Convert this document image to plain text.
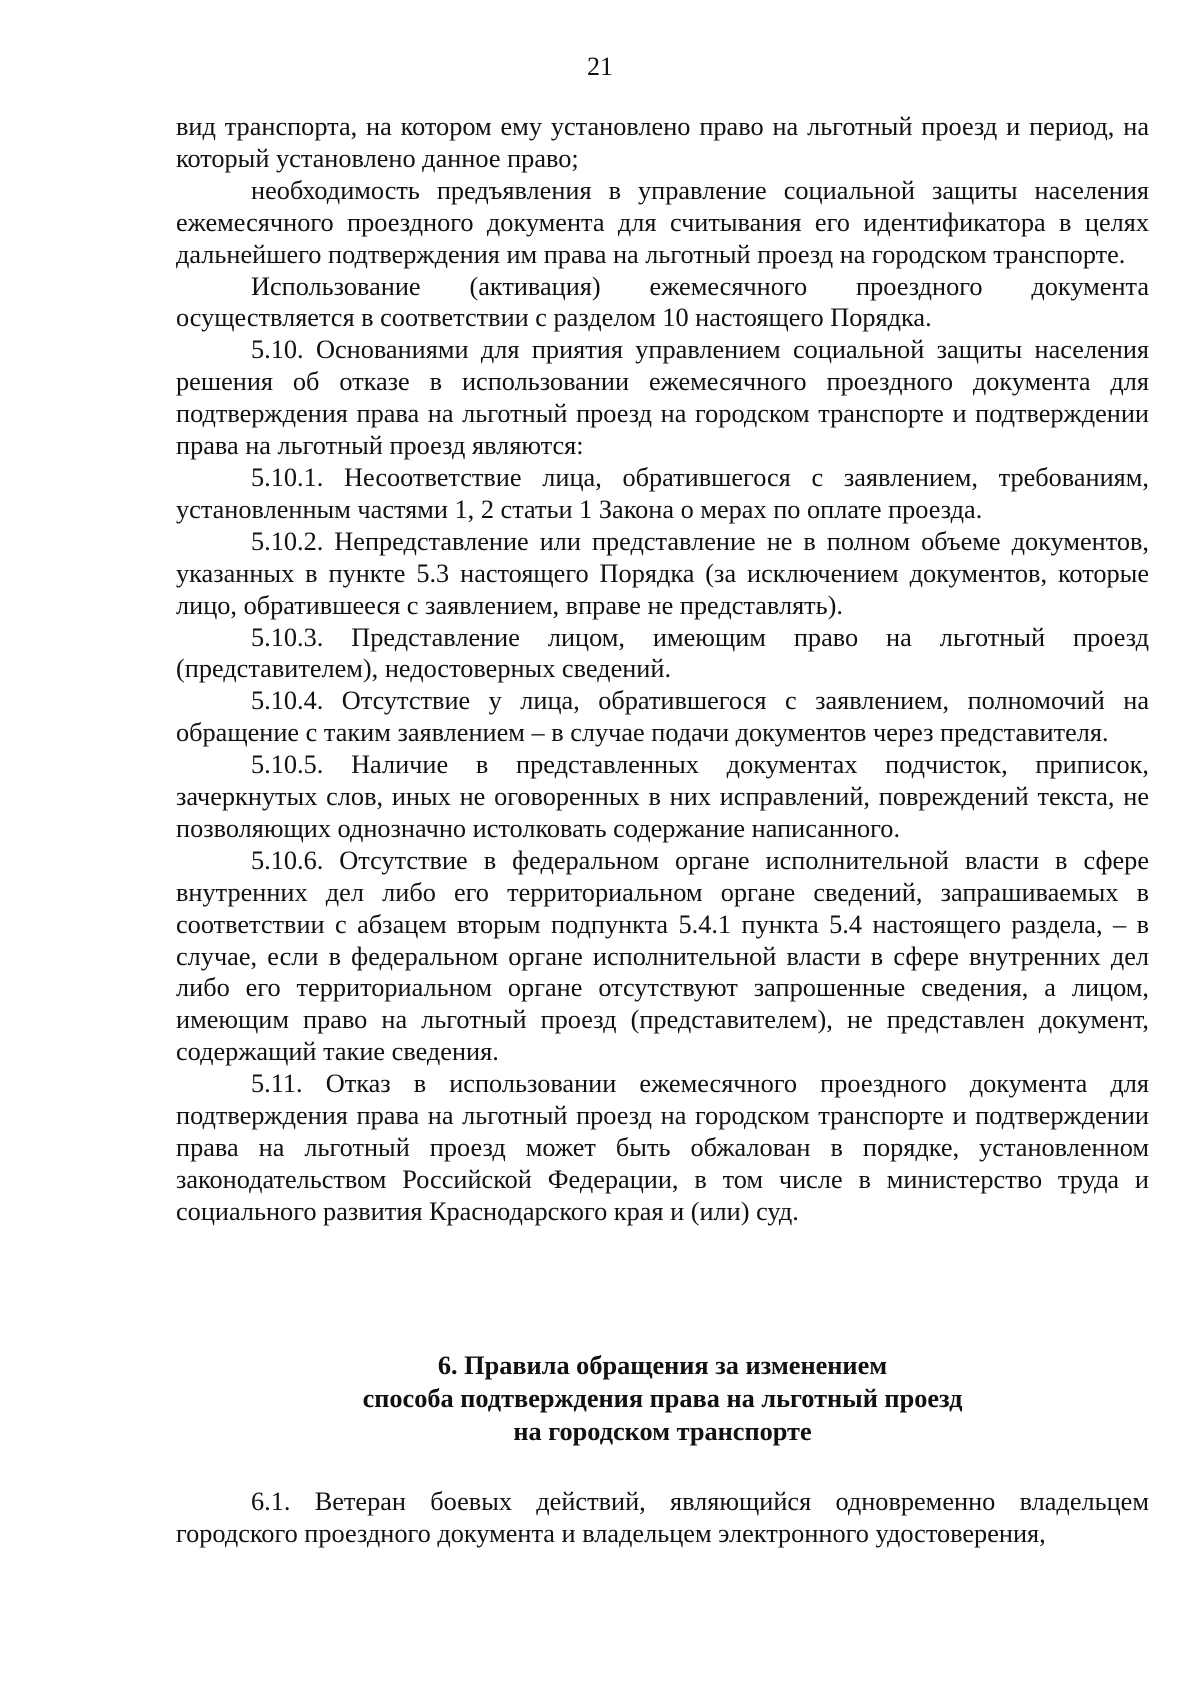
21

вид транспорта, на котором ему установлено право на льготный проезд и период, на который установлено данное право;

необходимость предъявления в управление социальной защиты населения ежемесячного проездного документа для считывания его идентификатора в целях дальнейшего подтверждения им права на льготный проезд на городском транспорте.

Использование (активация) ежемесячного проездного документа осуществляется в соответствии с разделом 10 настоящего Порядка.

5.10. Основаниями для приятия управлением социальной защиты населения решения об отказе в использовании ежемесячного проездного документа для подтверждения права на льготный проезд на городском транспорте и подтверждении права на льготный проезд являются:

5.10.1. Несоответствие лица, обратившегося с заявлением, требованиям, установленным частями 1, 2 статьи 1 Закона о мерах по оплате проезда.

5.10.2. Непредставление или представление не в полном объеме документов, указанных в пункте 5.3 настоящего Порядка (за исключением документов, которые лицо, обратившееся с заявлением, вправе не представлять).

5.10.3. Представление лицом, имеющим право на льготный проезд (представителем), недостоверных сведений.

5.10.4. Отсутствие у лица, обратившегося с заявлением, полномочий на обращение с таким заявлением – в случае подачи документов через представителя.

5.10.5. Наличие в представленных документах подчисток, приписок, зачеркнутых слов, иных не оговоренных в них исправлений, повреждений текста, не позволяющих однозначно истолковать содержание написанного.

5.10.6. Отсутствие в федеральном органе исполнительной власти в сфере внутренних дел либо его территориальном органе сведений, запрашиваемых в соответствии с абзацем вторым подпункта 5.4.1 пункта 5.4 настоящего раздела, – в случае, если в федеральном органе исполнительной власти в сфере внутренних дел либо его территориальном органе отсутствуют запрошенные сведения, а лицом, имеющим право на льготный проезд (представителем), не представлен документ, содержащий такие сведения.

5.11. Отказ в использовании ежемесячного проездного документа для подтверждения права на льготный проезд на городском транспорте и подтверждении права на льготный проезд может быть обжалован в порядке, установленном законодательством Российской Федерации, в том числе в министерство труда и социального развития Краснодарского края и (или) суд.

6. Правила обращения за изменением
способа подтверждения права на льготный проезд
на городском транспорте

6.1. Ветеран боевых действий, являющийся одновременно владельцем городского проездного документа и владельцем электронного удостоверения,
